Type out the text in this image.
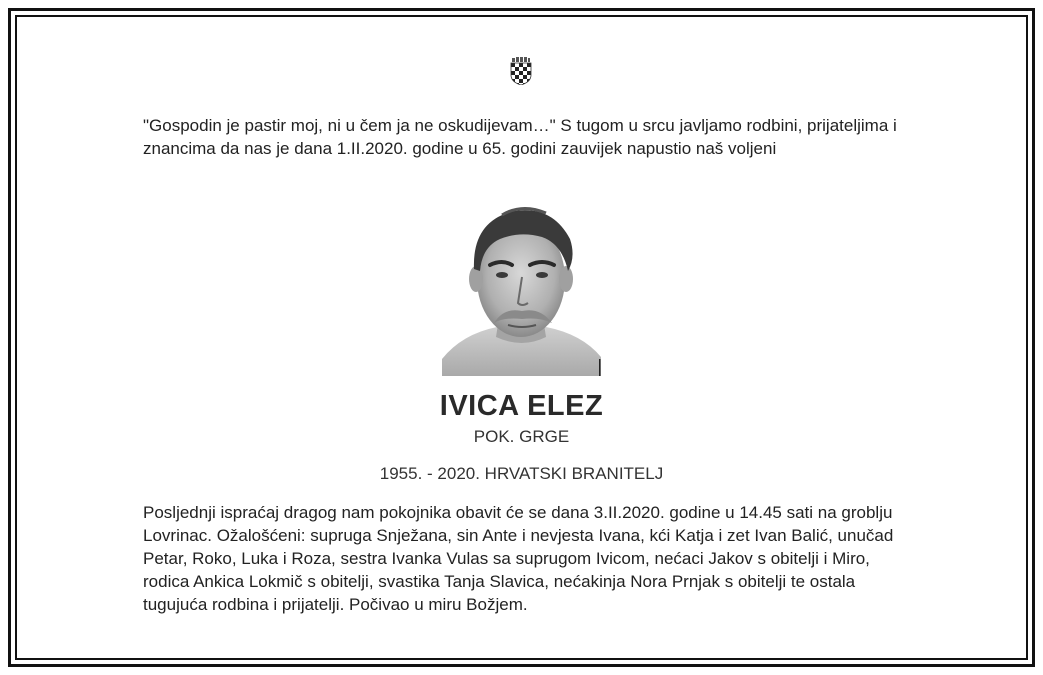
"Gospodin je pastir moj, ni u čem ja ne oskudijevam…" S tugom u srcu javljamo rodbini, prijateljima i znancima da nas je dana 1.II.2020. godine u 65. godini zauvijek napustio naš voljeni
IVICA ELEZ
POK. GRGE
1955. - 2020. HRVATSKI BRANITELJ
Posljednji ispraćaj dragog nam pokojnika obavit će se dana 3.II.2020. godine u 14.45 sati na groblju Lovrinac. Ožalošćeni: supruga Snježana, sin Ante i nevjesta Ivana, kći Katja i zet Ivan Balić, unučad Petar, Roko, Luka i Roza, sestra Ivanka Vulas sa suprugom Ivicom, nećaci Jakov s obitelji i Miro, rodica Ankica Lokmič s obitelji, svastika Tanja Slavica, nećakinja Nora Prnjak s obitelji te ostala tugujuća rodbina i prijatelji. Počivao u miru Božjem.
